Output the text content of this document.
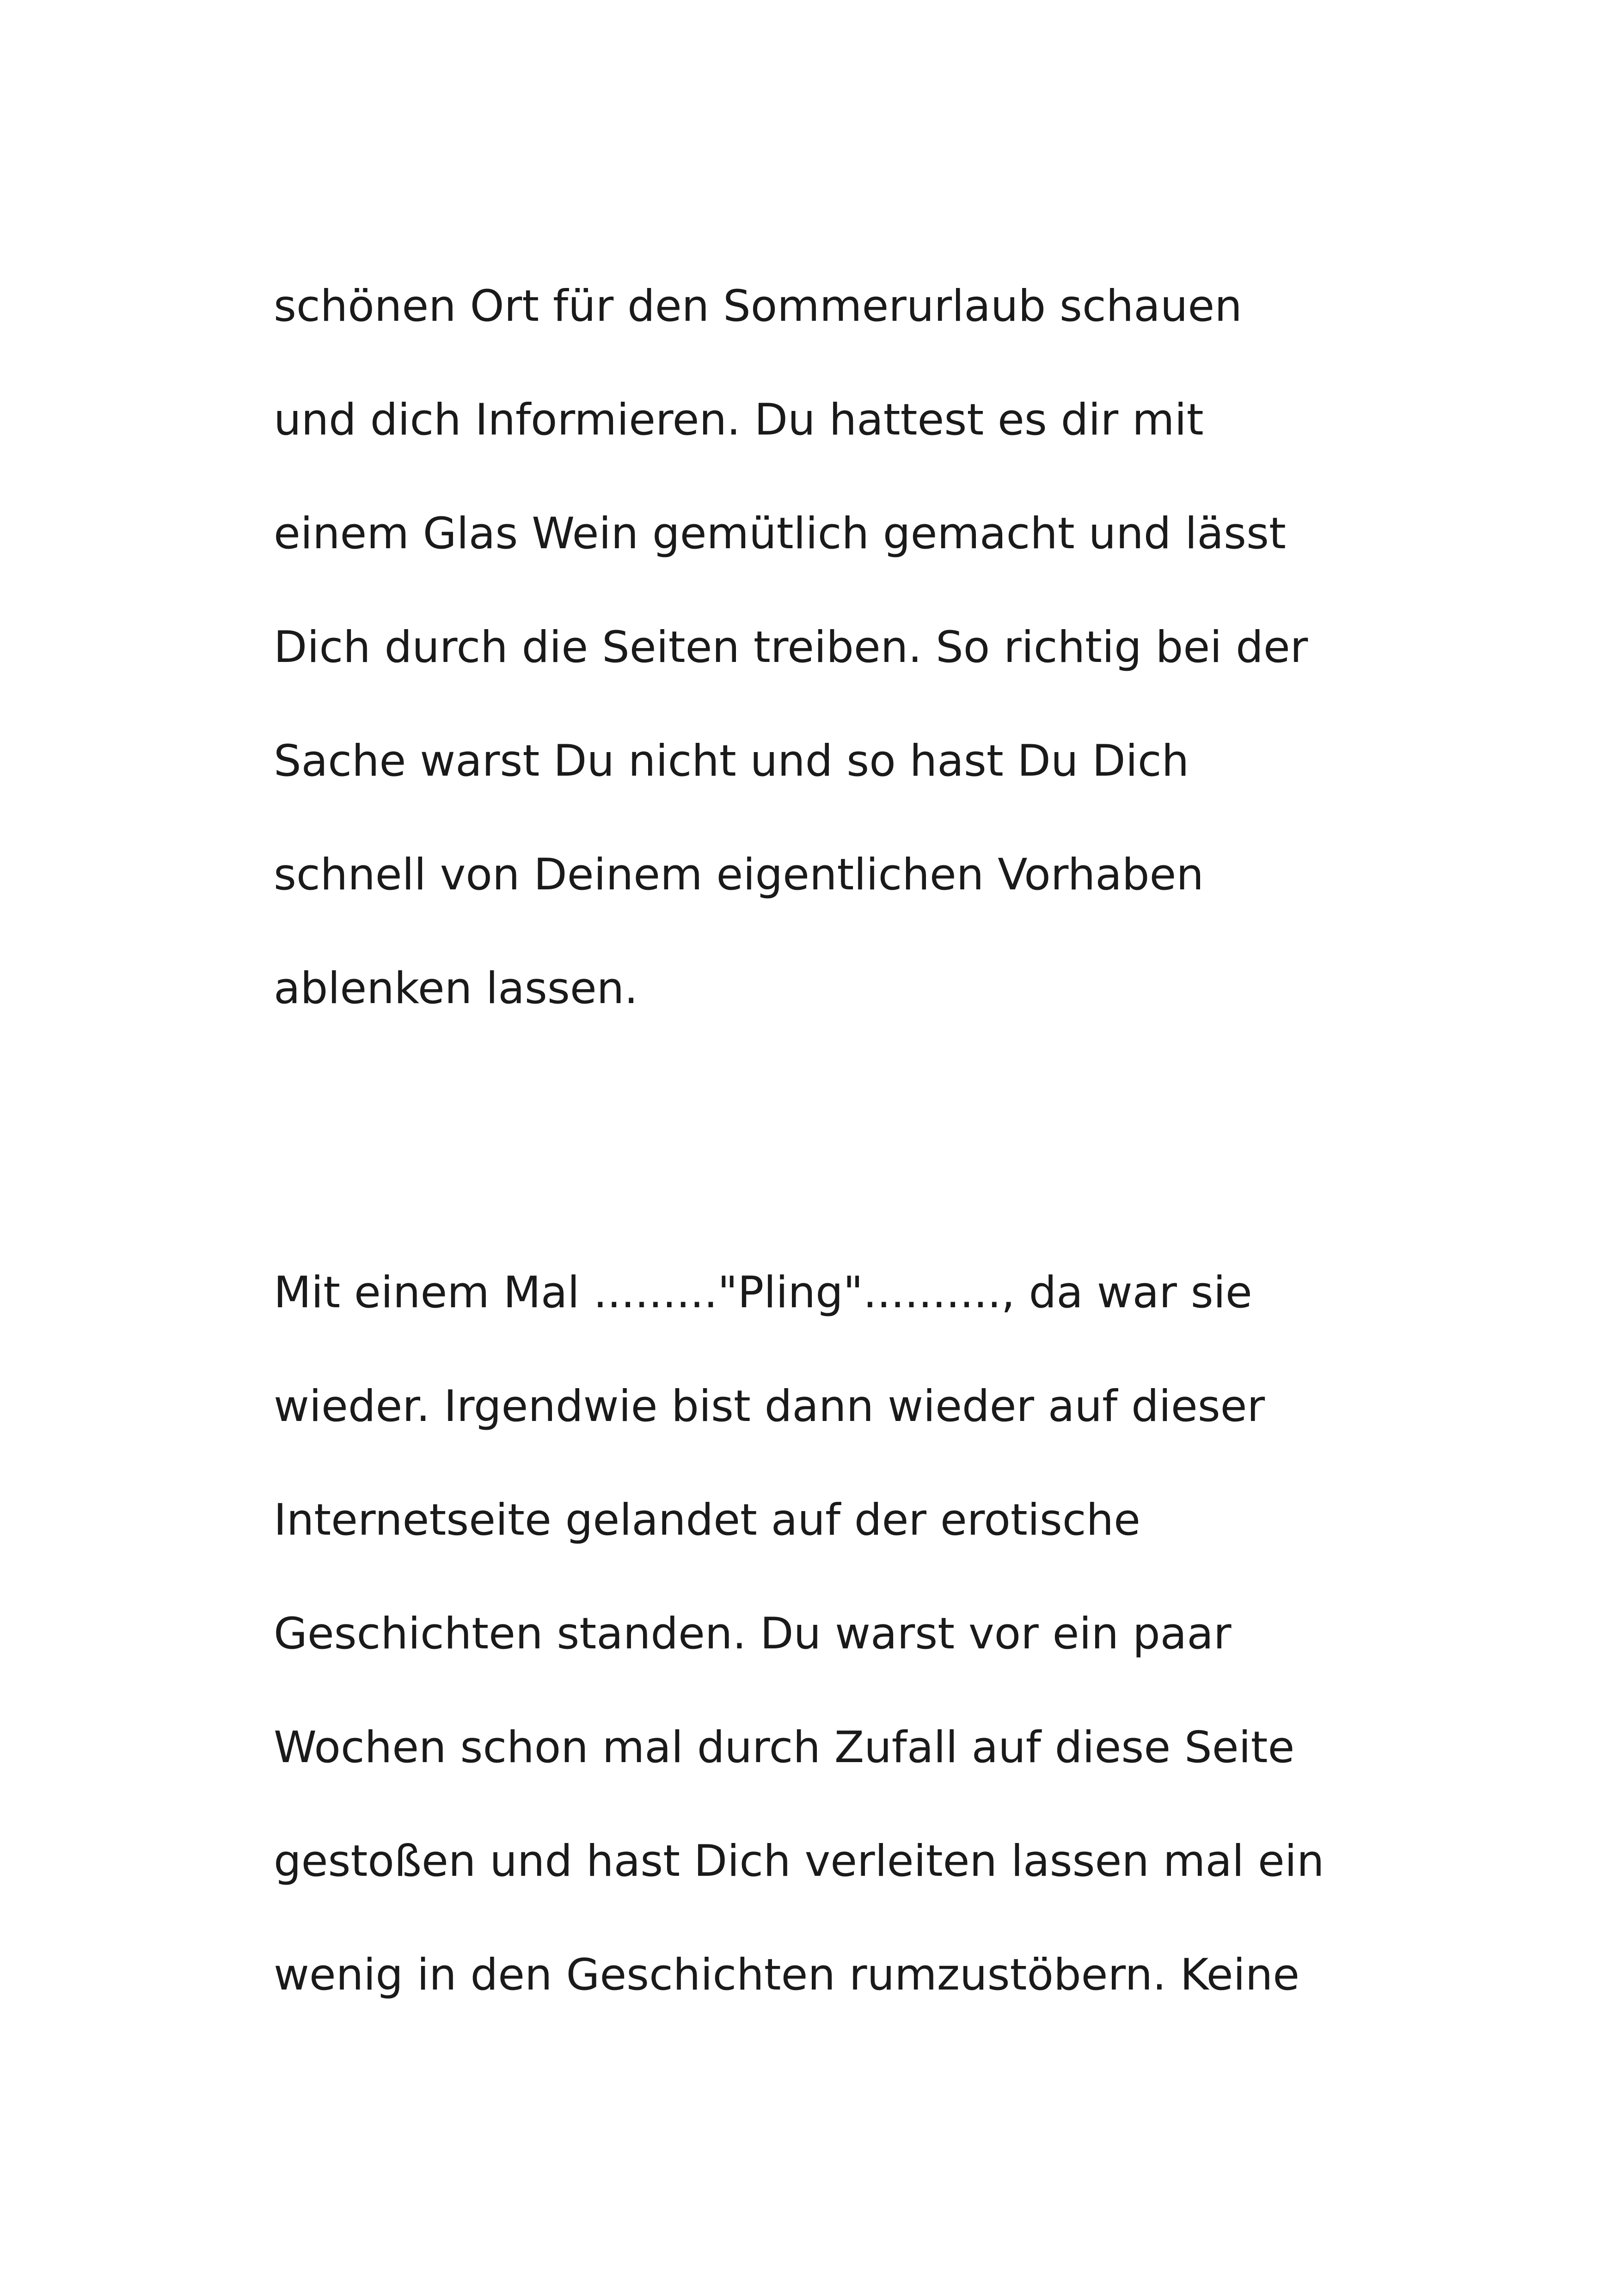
schönen Ort für den Sommerurlaub schauen

und dich Informieren. Du hattest es dir mit

einem Glas Wein gemütlich gemacht und lässt

Dich durch die Seiten treiben. So richtig bei der

Sache warst Du nicht und so hast Du Dich

schnell von Deinem eigentlichen Vorhaben

ablenken lassen.

Mit einem Mal ........."Pling".........., da war sie

wieder. Irgendwie bist dann wieder auf dieser

Internetseite gelandet auf der erotische

Geschichten standen. Du warst vor ein paar

Wochen schon mal durch Zufall auf diese Seite

gestoßen und hast Dich verleiten lassen mal ein

wenig in den Geschichten rumzustöbern. Keine
